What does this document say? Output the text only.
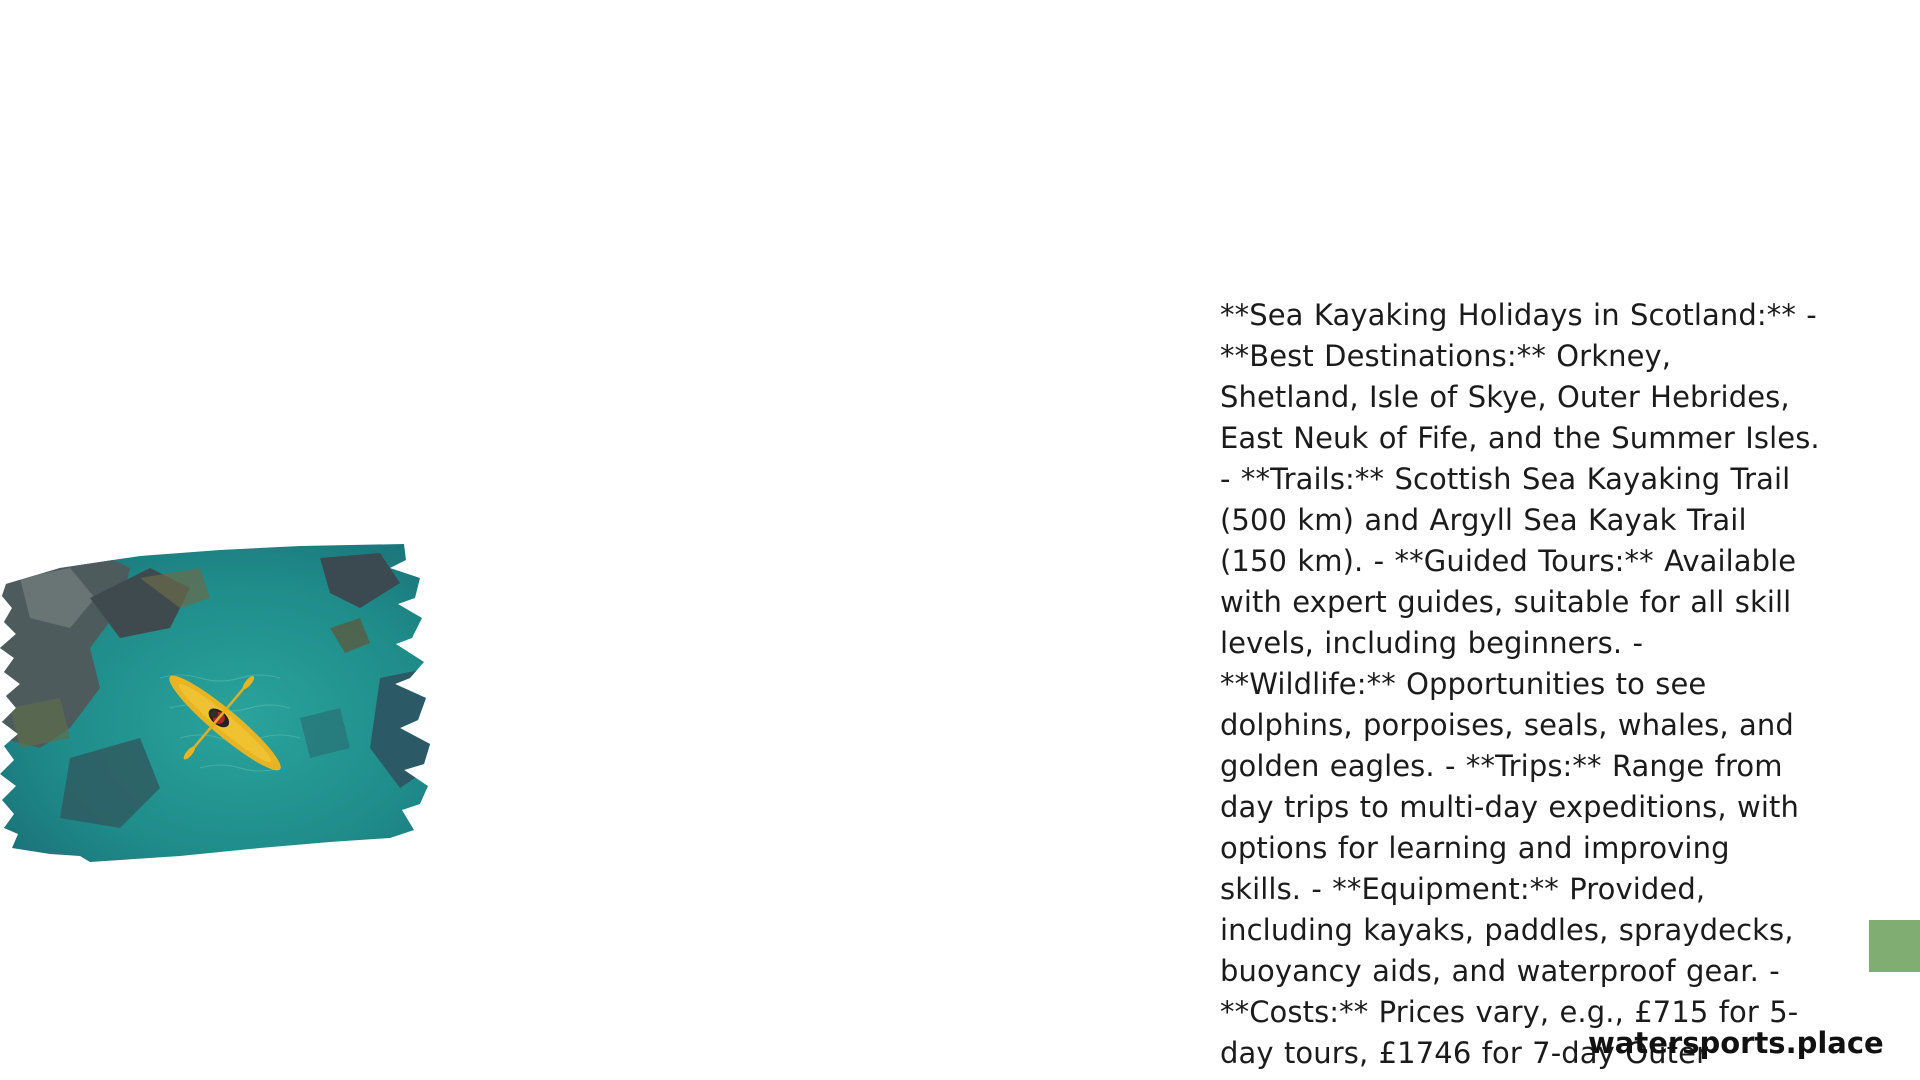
**Sea Kayaking Holidays in Scotland:** - **Best Destinations:** Orkney, Shetland, Isle of Skye, Outer Hebrides, East Neuk of Fife, and the Summer Isles. - **Trails:** Scottish Sea Kayaking Trail (500 km) and Argyll Sea Kayak Trail (150 km). - **Guided Tours:** Available with expert guides, suitable for all skill levels, including beginners. - **Wildlife:** Opportunities to see dolphins, porpoises, seals, whales, and golden eagles. - **Trips:** Range from day trips to multi-day expeditions, with options for learning and improving skills. - **Equipment:** Provided, including kayaks, paddles, spraydecks, buoyancy aids, and waterproof gear. - **Costs:** Prices vary, e.g., £715 for 5-day tours, £1746 for 7-day Outer

watersports.place
